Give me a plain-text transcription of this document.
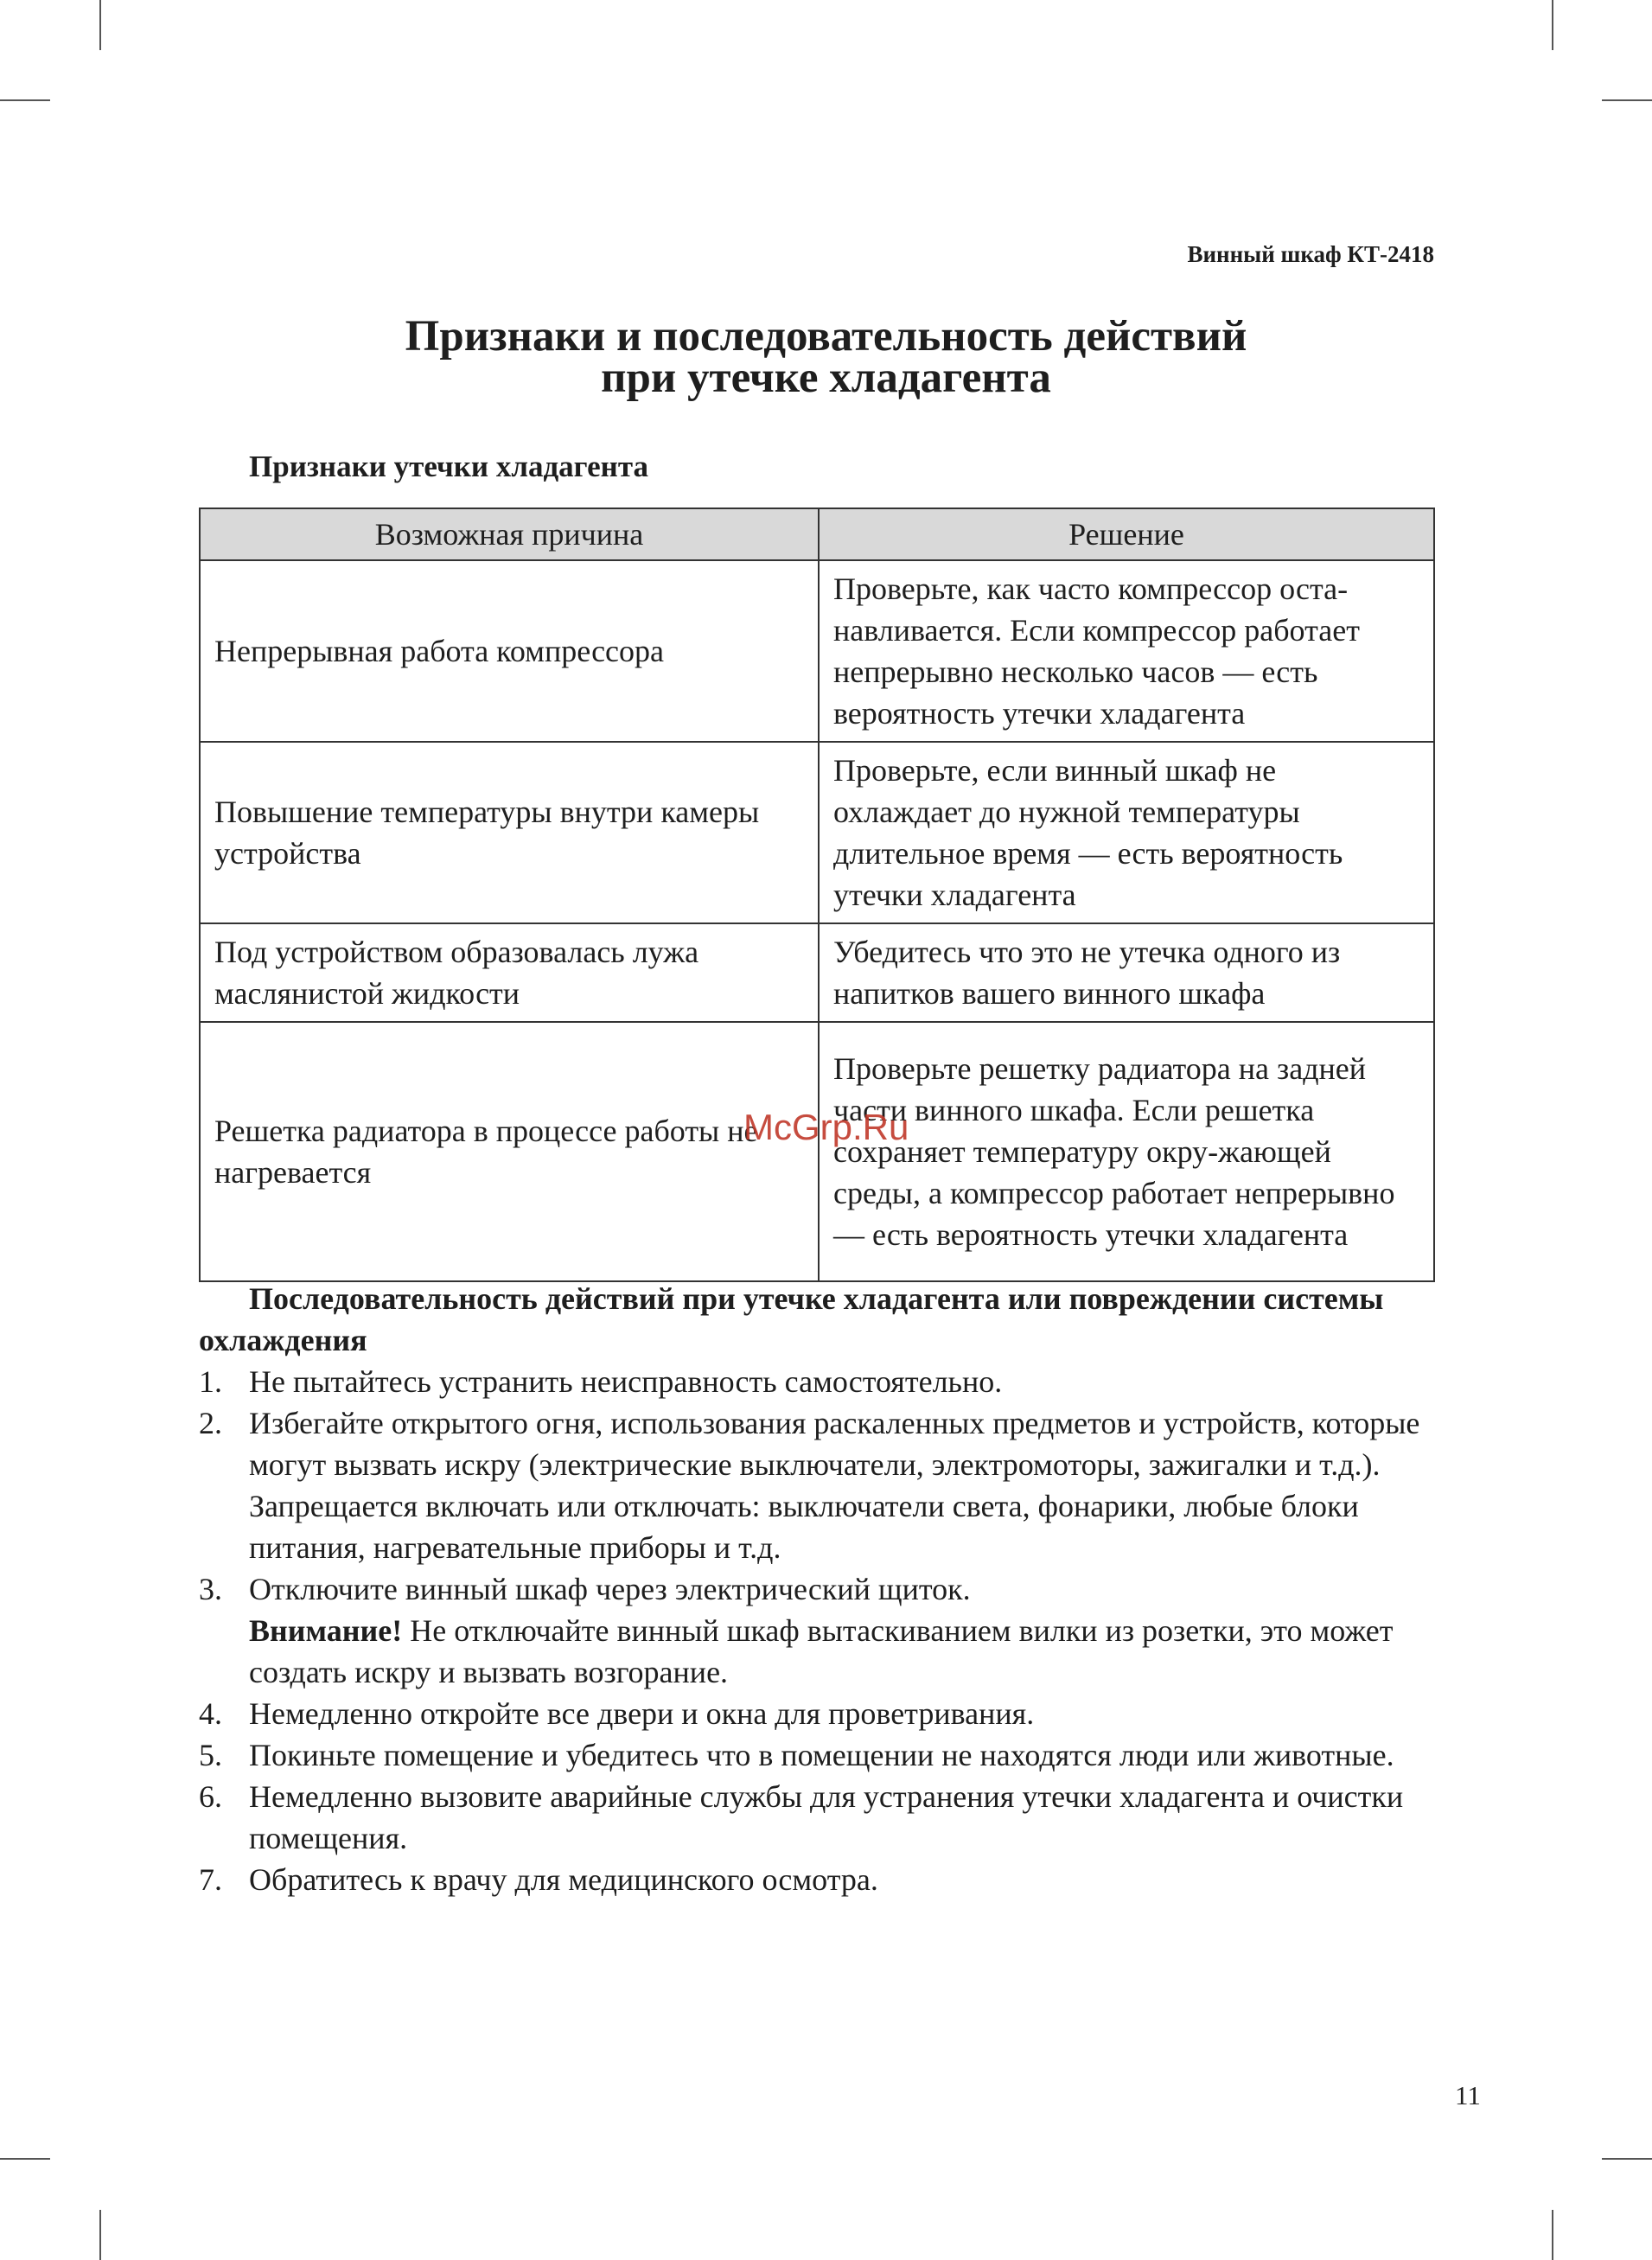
Винный шкаф КТ-2418
Признаки и последовательность действий
при утечке хладагента
Признаки утечки хладагента
Возможная причина	Решение
Непрерывная работа компрессора	Проверьте, как часто компрессор оста-навливается. Если компрессор работает непрерывно несколько часов — есть вероятность утечки хладагента
Повышение температуры внутри камеры устройства	Проверьте, если винный шкаф не охлаждает до нужной температуры длительное время — есть вероятность утечки хладагента
Под устройством образовалась лужа маслянистой жидкости	Убедитесь что это не утечка одного из напитков вашего винного шкафа
Решетка радиатора в процессе работы не нагревается	Проверьте решетку радиатора на задней части винного шкафа. Если решетка сохраняет температуру окру-жающей среды, а компрессор работает непрерывно — есть вероятность утечки хладагента
McGrp.Ru

Последовательность действий при утечке хладагента или повреждении системы охлаждения

1. Не пытайтесь устранить неисправность самостоятельно.
2. Избегайте открытого огня, использования раскаленных предметов и устройств, которые могут вызвать искру (электрические выключатели, электромоторы, зажигалки и т.д.). Запрещается включать или отключать: выключатели света, фонарики, любые блоки питания, нагревательные приборы и т.д.
3. Отключите винный шкаф через электрический щиток.
Внимание! Не отключайте винный шкаф вытаскиванием вилки из розетки, это может создать искру и вызвать возгорание.
4. Немедленно откройте все двери и окна для проветривания.
5. Покиньте помещение и убедитесь что в помещении не находятся люди или животные.
6. Немедленно вызовите аварийные службы для устранения утечки хладагента и очистки помещения.
7. Обратитесь к врачу для медицинского осмотра.
11
